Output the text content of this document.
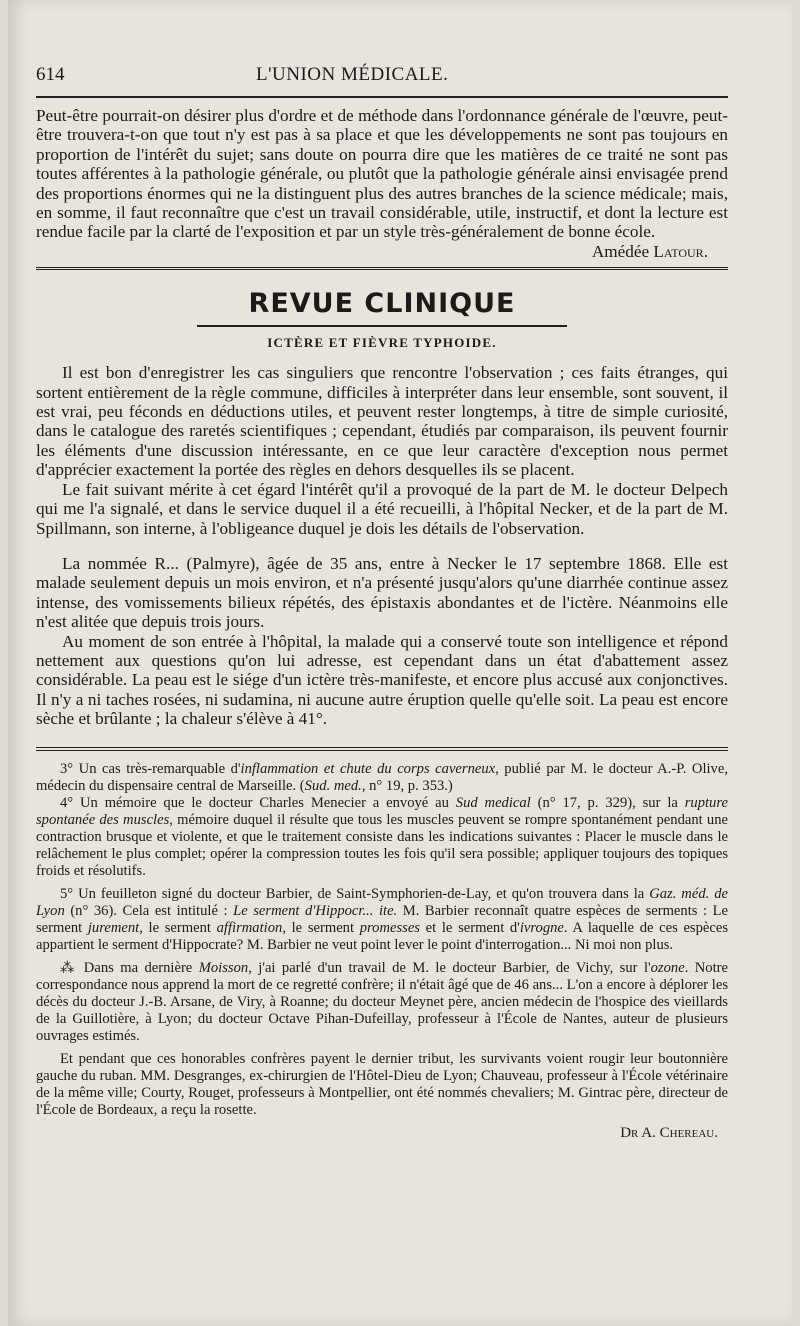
614	L'UNION MÉDICALE.

Peut-être pourrait-on désirer plus d'ordre et de méthode dans l'ordonnance générale de l'œuvre, peut-être trouvera-t-on que tout n'y est pas à sa place et que les développements ne sont pas toujours en proportion de l'intérêt du sujet; sans doute on pourra dire que les matières de ce traité ne sont pas toutes afférentes à la pathologie générale, ou plutôt que la pathologie générale ainsi envisagée prend des proportions énormes qui ne la distinguent plus des autres branches de la science médicale; mais, en somme, il faut reconnaître que c'est un travail considérable, utile, instructif, et dont la lecture est rendue facile par la clarté de l'exposition et par un style très-généralement de bonne école.

Amédée Latour.

REVUE CLINIQUE
ICTÈRE ET FIÈVRE TYPHOIDE.

Il est bon d'enregistrer les cas singuliers que rencontre l'observation ; ces faits étranges, qui sortent entièrement de la règle commune, difficiles à interpréter dans leur ensemble, sont souvent, il est vrai, peu féconds en déductions utiles, et peuvent rester longtemps, à titre de simple curiosité, dans le catalogue des raretés scientifiques ; cependant, étudiés par comparaison, ils peuvent fournir les éléments d'une discussion intéressante, en ce que leur caractère d'exception nous permet d'apprécier exactement la portée des règles en dehors desquelles ils se placent.

Le fait suivant mérite à cet égard l'intérêt qu'il a provoqué de la part de M. le docteur Delpech qui me l'a signalé, et dans le service duquel il a été recueilli, à l'hôpital Necker, et de la part de M. Spillmann, son interne, à l'obligeance duquel je dois les détails de l'observation.

La nommée R... (Palmyre), âgée de 35 ans, entre à Necker le 17 septembre 1868. Elle est malade seulement depuis un mois environ, et n'a présenté jusqu'alors qu'une diarrhée continue assez intense, des vomissements bilieux répétés, des épistaxis abondantes et de l'ictère. Néanmoins elle n'est alitée que depuis trois jours.

Au moment de son entrée à l'hôpital, la malade qui a conservé toute son intelligence et répond nettement aux questions qu'on lui adresse, est cependant dans un état d'abattement assez considérable. La peau est le siége d'un ictère très-manifeste, et encore plus accusé aux conjonctives. Il n'y a ni taches rosées, ni sudamina, ni aucune autre éruption quelle qu'elle soit. La peau est encore sèche et brûlante ; la chaleur s'élève à 41°.

3° Un cas très-remarquable d'inflammation et chute du corps caverneux, publié par M. le docteur A.-P. Olive, médecin du dispensaire central de Marseille. (Sud. med., n° 19, p. 353.)

4° Un mémoire que le docteur Charles Menecier a envoyé au Sud medical (n° 17, p. 329), sur la rupture spontanée des muscles, mémoire duquel il résulte que tous les muscles peuvent se rompre spontanément pendant une contraction brusque et violente, et que le traitement consiste dans les indications suivantes : Placer le muscle dans le relâchement le plus complet; opérer la compression toutes les fois qu'il sera possible; appliquer toujours des topiques froids et résolutifs.

5° Un feuilleton signé du docteur Barbier, de Saint-Symphorien-de-Lay, et qu'on trouvera dans la Gaz. méd. de Lyon (n° 36). Cela est intitulé : Le serment d'Hippocr... ite. M. Barbier reconnaît quatre espèces de serments : Le serment jurement, le serment affirmation, le serment promesses et le serment d'ivrogne. A laquelle de ces espèces appartient le serment d'Hippocrate? M. Barbier ne veut point lever le point d'interrogation... Ni moi non plus.

⁂ Dans ma dernière Moisson, j'ai parlé d'un travail de M. le docteur Barbier, de Vichy, sur l'ozone. Notre correspondance nous apprend la mort de ce regretté confrère; il n'était âgé que de 46 ans... L'on a encore à déplorer les décès du docteur J.-B. Arsane, de Viry, à Roanne; du docteur Meynet père, ancien médecin de l'hospice des vieillards de la Guillotière, à Lyon; du docteur Octave Pihan-Dufeillay, professeur à l'École de Nantes, auteur de plusieurs ouvrages estimés.

Et pendant que ces honorables confrères payent le dernier tribut, les survivants voient rougir leur boutonnière gauche du ruban. MM. Desgranges, ex-chirurgien de l'Hôtel-Dieu de Lyon; Chauveau, professeur à l'École vétérinaire de la même ville; Courty, Rouget, professeurs à Montpellier, ont été nommés chevaliers; M. Gintrac père, directeur de l'École de Bordeaux, a reçu la rosette.

Dr A. Chereau.
